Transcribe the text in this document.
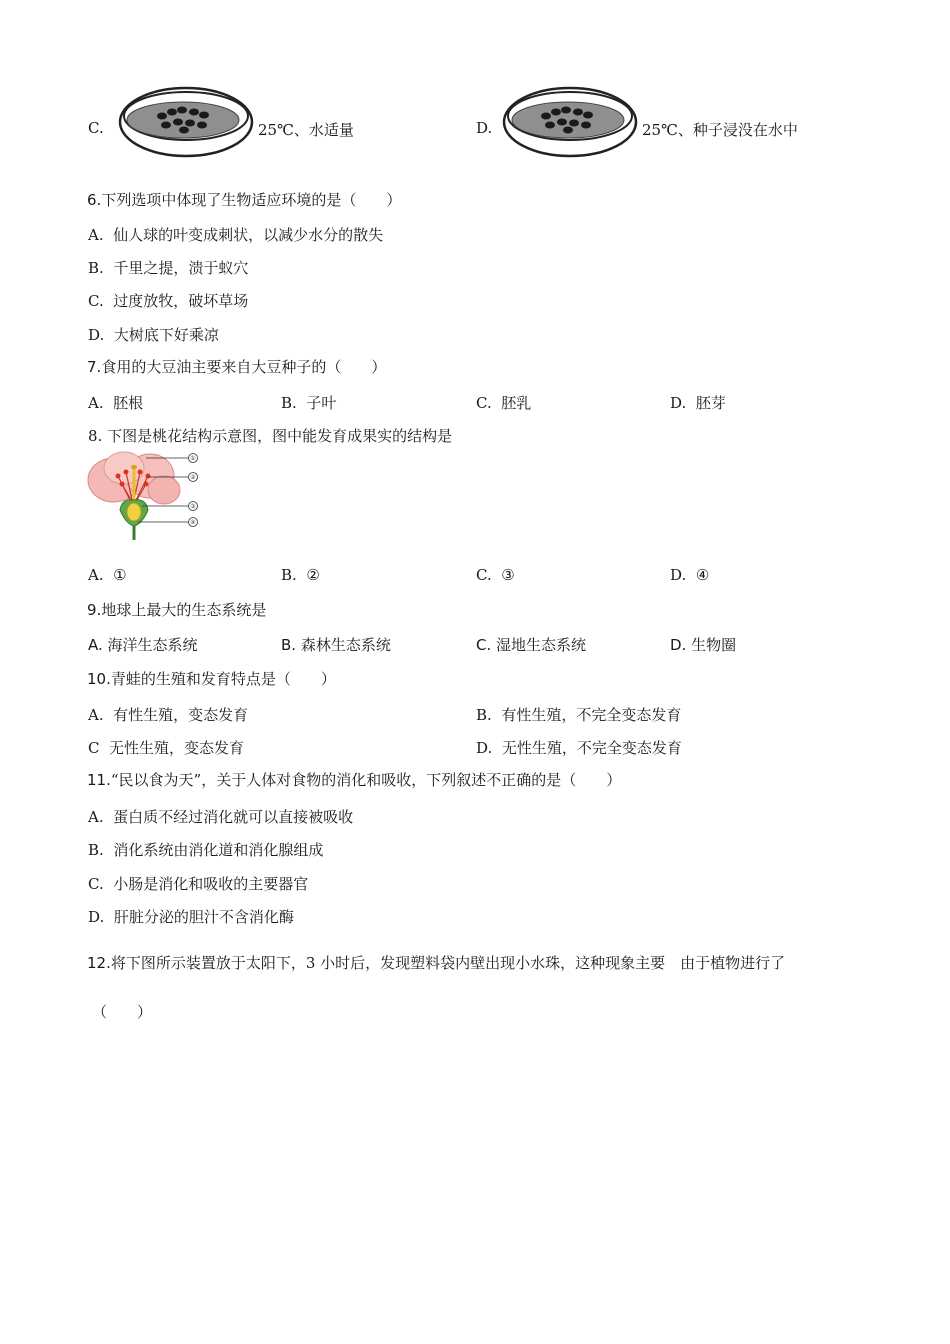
C.	25℃、水适量	D.	25℃、种子浸没在水中
6.下列选项中体现了生物适应环境的是（　　）
A. 仙人球的叶变成刺状，以减少水分的散失
B. 千里之提，溃于蚁穴
C. 过度放牧，破坏草场
D. 大树底下好乘凉
7.食用的大豆油主要来自大豆种子的（　　）
A. 胚根	B. 子叶	C. 胚乳	D. 胚芽
8. 下图是桃花结构示意图，图中能发育成果实的结构是
①
②
③
④
A. ①	B. ②	C. ③	D. ④
9.地球上最大的生态系统是
A. 海洋生态系统	B. 森林生态系统	C. 湿地生态系统	D. 生物圈
10.青蛙的生殖和发育特点是（　　）
A. 有性生殖，变态发育	B. 有性生殖，不完全变态发育
C 无性生殖，变态发育	D. 无性生殖，不完全变态发育
11.“民以食为天”，关于人体对食物的消化和吸收，下列叙述不正确的是（　　）
A. 蛋白质不经过消化就可以直接被吸收
B. 消化系统由消化道和消化腺组成
C. 小肠是消化和吸收的主要器官
D. 肝脏分泌的胆汁不含消化酶
12.将下图所示装置放于太阳下，3 小时后，发现塑料袋内壁出现小水珠，这种现象主要　由于植物进行了
（　　）
